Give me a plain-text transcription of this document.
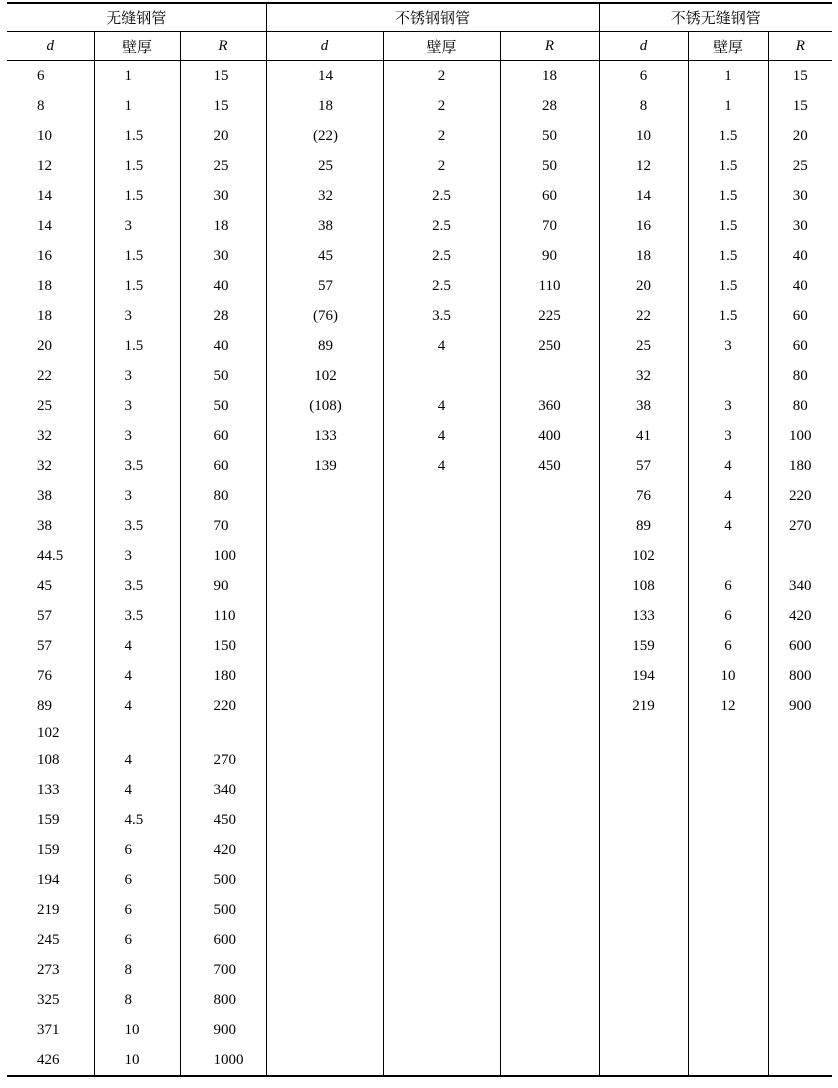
无缝钢管			不锈钢钢管			不锈无缝钢管		
d	壁厚	R	d	壁厚	R	d	壁厚	R
6	1	15	14	2	18	6	1	15
8	1	15	18	2	28	8	1	15
10	1.5	20	(22)	2	50	10	1.5	20
12	1.5	25	25	2	50	12	1.5	25
14	1.5	30	32	2.5	60	14	1.5	30
14	3	18	38	2.5	70	16	1.5	30
16	1.5	30	45	2.5	90	18	1.5	40
18	1.5	40	57	2.5	110	20	1.5	40
18	3	28	(76)	3.5	225	22	1.5	60
20	1.5	40	89	4	250	25	3	60
22	3	50	102			32		80
25	3	50	(108)	4	360	38	3	80
32	3	60	133	4	400	41	3	100
32	3.5	60	139	4	450	57	4	180
38	3	80				76	4	220
38	3.5	70				89	4	270
44.5	3	100				102		
45	3.5	90				108	6	340
57	3.5	110				133	6	420
57	4	150				159	6	600
76	4	180				194	10	800
89	4	220				219	12	900
102								
108	4	270						
133	4	340						
159	4.5	450						
159	6	420						
194	6	500						
219	6	500						
245	6	600						
273	8	700						
325	8	800						
371	10	900						
426	10	1000						
